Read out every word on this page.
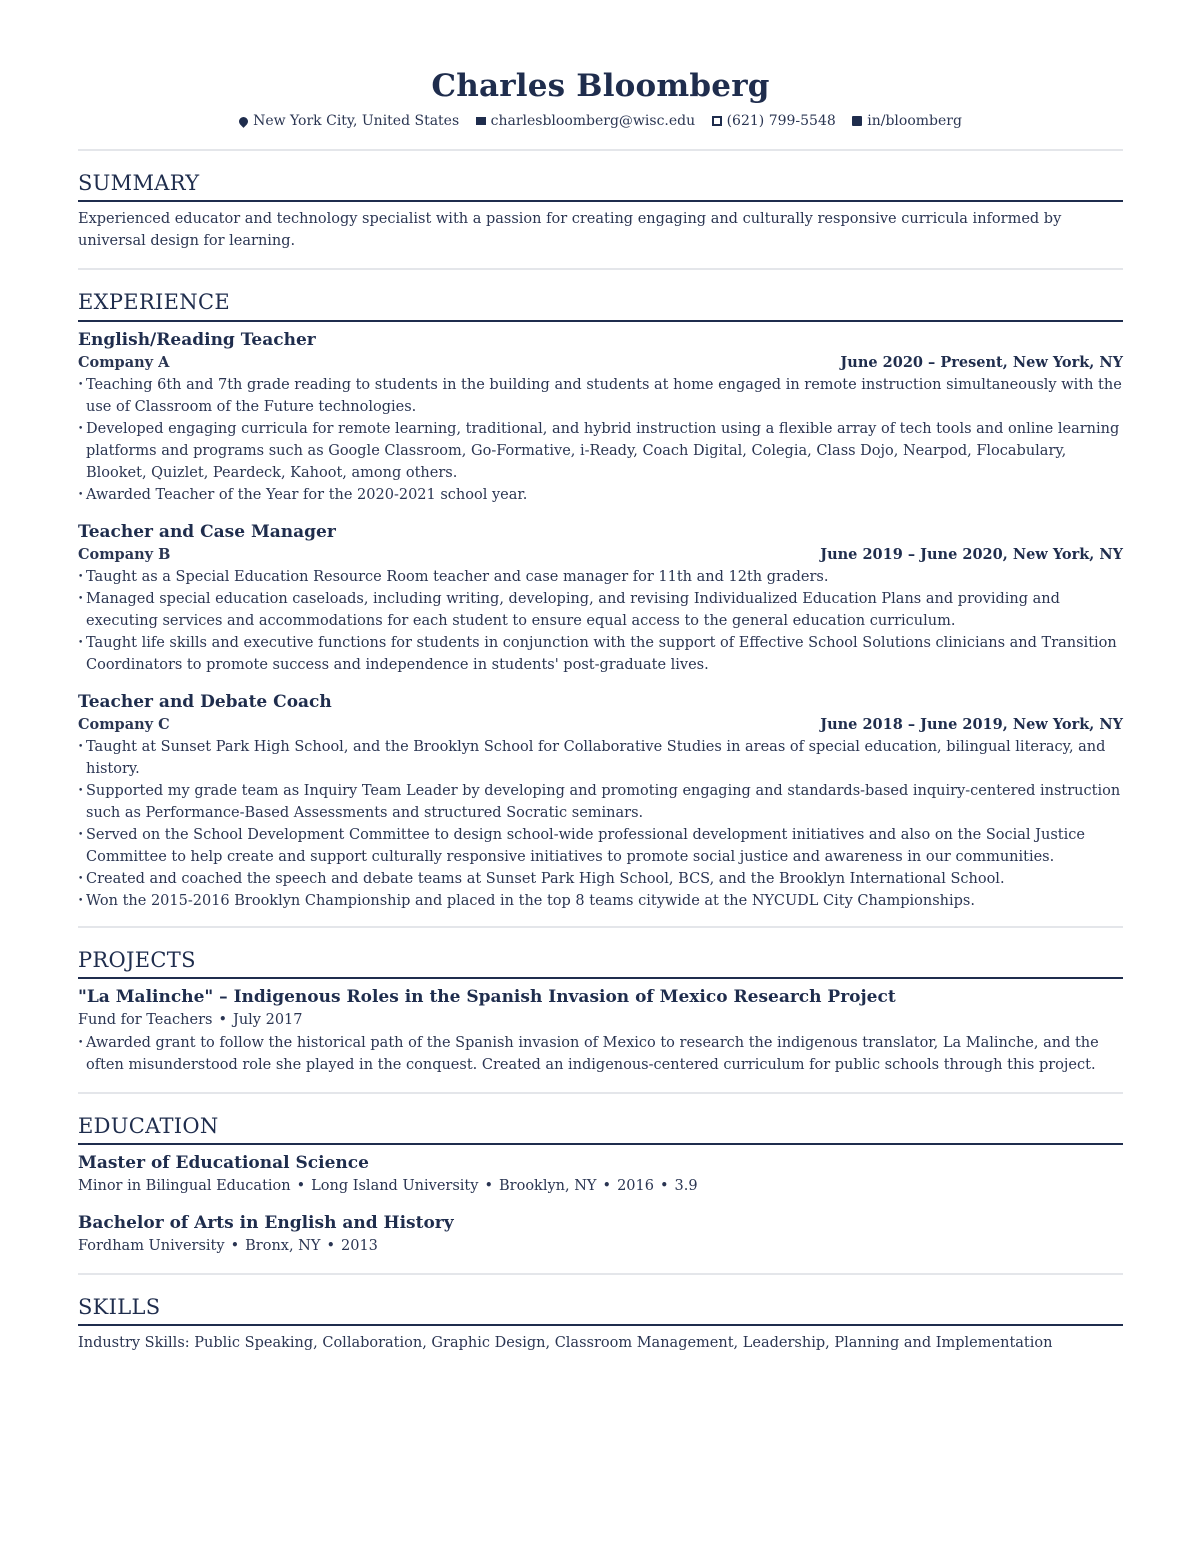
Charles Bloomberg
New York City, United States charlesbloomberg@wisc.edu (621) 799-5548 in/bloomberg
SUMMARY
Experienced educator and technology specialist with a passion for creating engaging and culturally responsive curricula informed by universal design for learning.
EXPERIENCE
English/Reading Teacher
Company A	June 2020 – Present, New York, NY
• Teaching 6th and 7th grade reading to students in the building and students at home engaged in remote instruction simultaneously with the use of Classroom of the Future technologies.
• Developed engaging curricula for remote learning, traditional, and hybrid instruction using a flexible array of tech tools and online learning platforms and programs such as Google Classroom, Go-Formative, i-Ready, Coach Digital, Colegia, Class Dojo, Nearpod, Flocabulary, Blooket, Quizlet, Peardeck, Kahoot, among others.
• Awarded Teacher of the Year for the 2020-2021 school year.
Teacher and Case Manager
Company B	June 2019 – June 2020, New York, NY
• Taught as a Special Education Resource Room teacher and case manager for 11th and 12th graders.
• Managed special education caseloads, including writing, developing, and revising Individualized Education Plans and providing and executing services and accommodations for each student to ensure equal access to the general education curriculum.
• Taught life skills and executive functions for students in conjunction with the support of Effective School Solutions clinicians and Transition Coordinators to promote success and independence in students' post-graduate lives.
Teacher and Debate Coach
Company C	June 2018 – June 2019, New York, NY
• Taught at Sunset Park High School, and the Brooklyn School for Collaborative Studies in areas of special education, bilingual literacy, and history.
• Supported my grade team as Inquiry Team Leader by developing and promoting engaging and standards-based inquiry-centered instruction such as Performance-Based Assessments and structured Socratic seminars.
• Served on the School Development Committee to design school-wide professional development initiatives and also on the Social Justice Committee to help create and support culturally responsive initiatives to promote social justice and awareness in our communities.
• Created and coached the speech and debate teams at Sunset Park High School, BCS, and the Brooklyn International School.
• Won the 2015-2016 Brooklyn Championship and placed in the top 8 teams citywide at the NYCUDL City Championships.
PROJECTS
"La Malinche" – Indigenous Roles in the Spanish Invasion of Mexico Research Project
Fund for Teachers • July 2017
• Awarded grant to follow the historical path of the Spanish invasion of Mexico to research the indigenous translator, La Malinche, and the often misunderstood role she played in the conquest. Created an indigenous-centered curriculum for public schools through this project.
EDUCATION
Master of Educational Science
Minor in Bilingual Education • Long Island University • Brooklyn, NY • 2016 • 3.9
Bachelor of Arts in English and History
Fordham University • Bronx, NY • 2013
SKILLS
Industry Skills: Public Speaking, Collaboration, Graphic Design, Classroom Management, Leadership, Planning and Implementation
